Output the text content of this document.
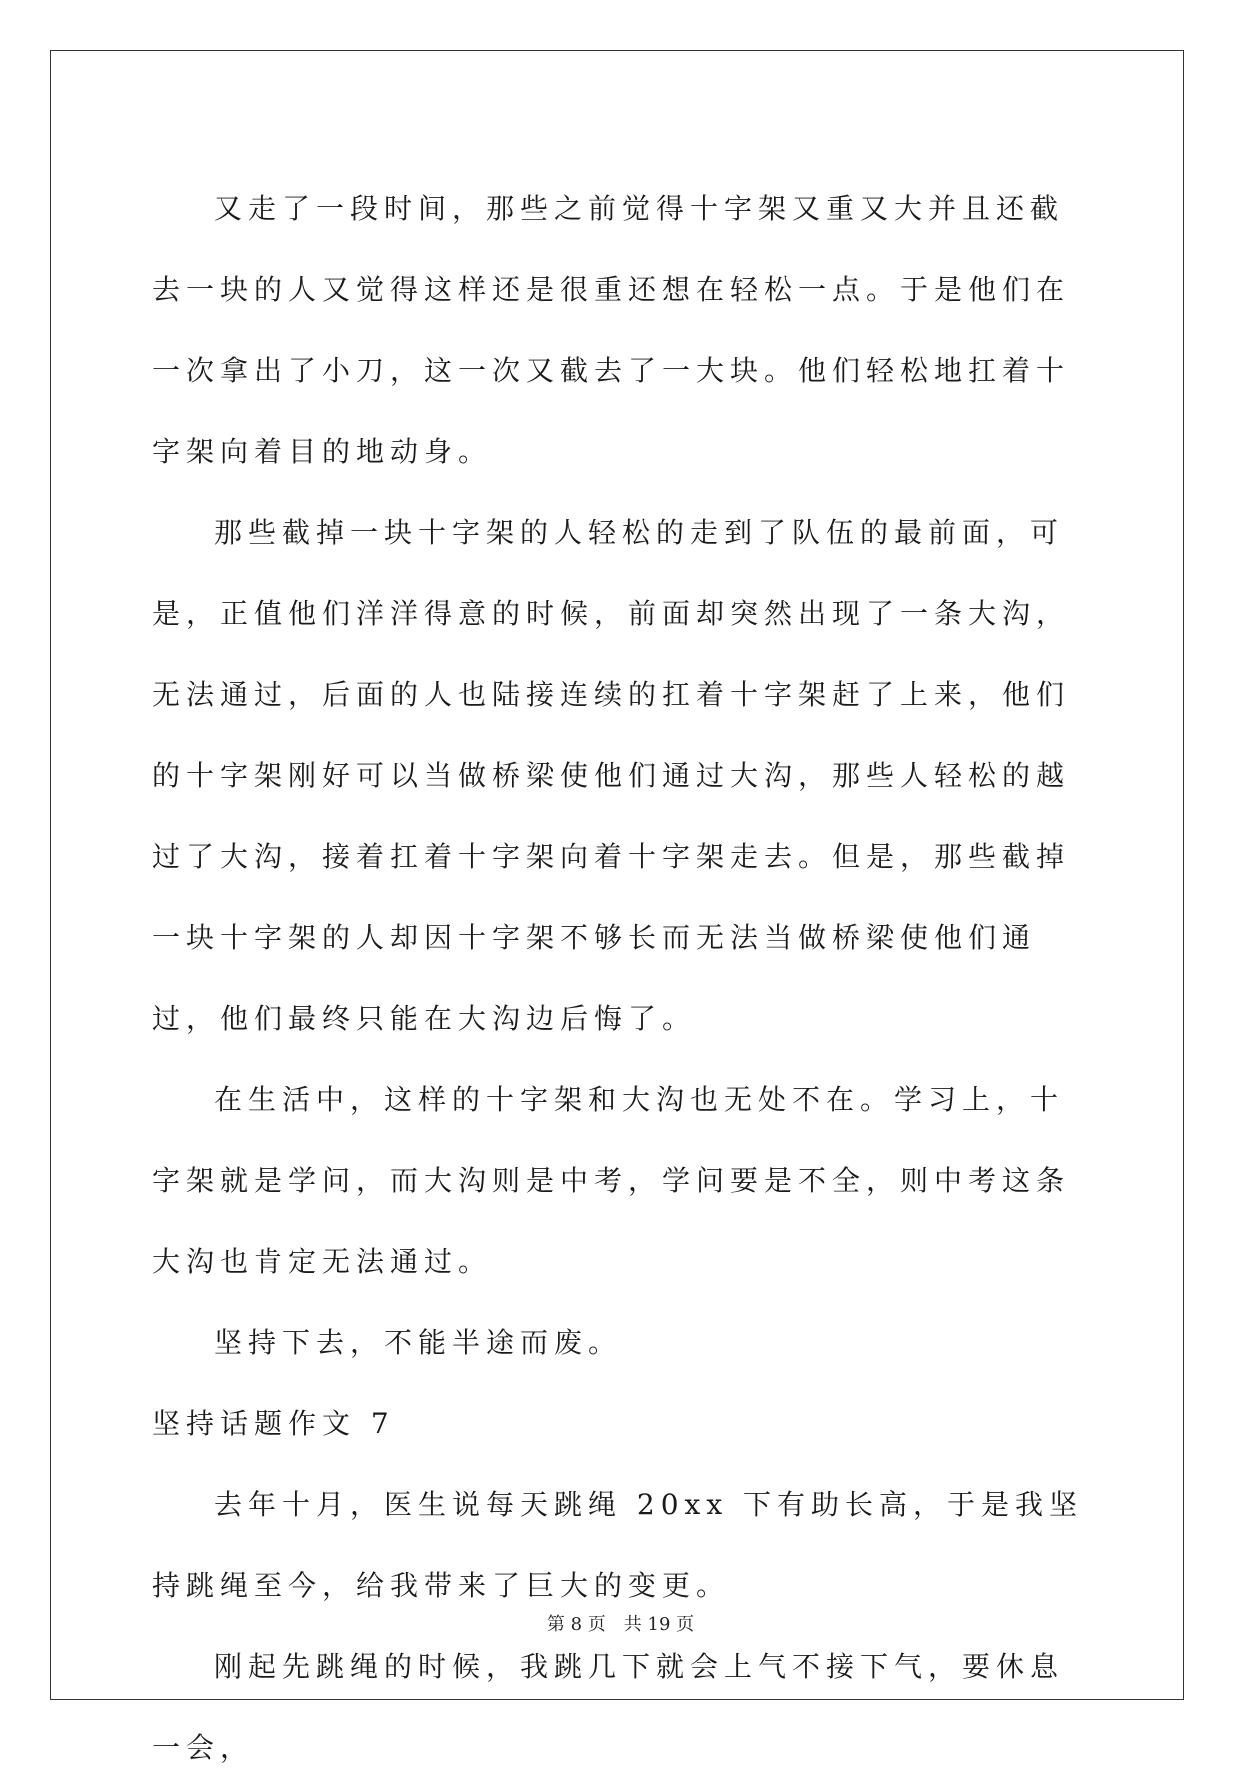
又走了一段时间，那些之前觉得十字架又重又大并且还截去一块的人又觉得这样还是很重还想在轻松一点。于是他们在一次拿出了小刀，这一次又截去了一大块。他们轻松地扛着十字架向着目的地动身。

那些截掉一块十字架的人轻松的走到了队伍的最前面，可是，正值他们洋洋得意的时候，前面却突然出现了一条大沟，无法通过，后面的人也陆接连续的扛着十字架赶了上来，他们的十字架刚好可以当做桥梁使他们通过大沟，那些人轻松的越过了大沟，接着扛着十字架向着十字架走去。但是，那些截掉一块十字架的人却因十字架不够长而无法当做桥梁使他们通过，他们最终只能在大沟边后悔了。

在生活中，这样的十字架和大沟也无处不在。学习上，十字架就是学问，而大沟则是中考，学问要是不全，则中考这条大沟也肯定无法通过。

坚持下去，不能半途而废。

坚持话题作文 7

去年十月，医生说每天跳绳 20xx 下有助长高，于是我坚持跳绳至今，给我带来了巨大的变更。

刚起先跳绳的时候，我跳几下就会上气不接下气，要休息一会，

第 8 页　共 19 页
